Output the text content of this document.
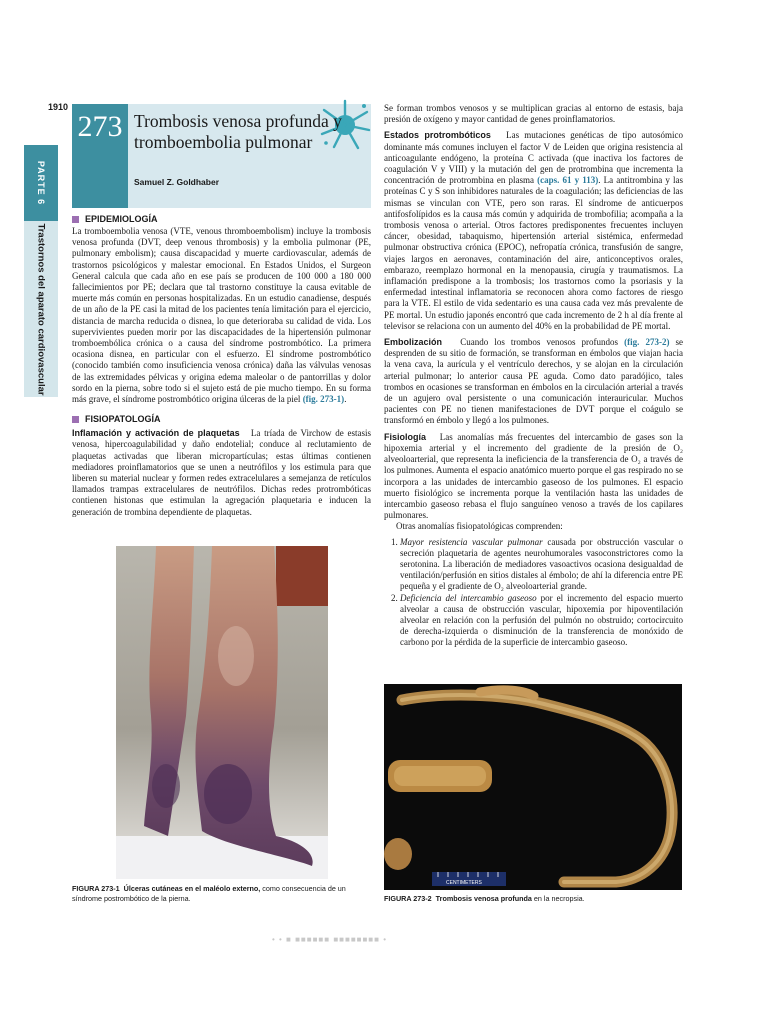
1910
PARTE 6
Trastornos del aparato cardiovascular
273 Trombosis venosa profunda y tromboembolia pulmonar
Samuel Z. Goldhaber
EPIDEMIOLOGÍA

La tromboembolia venosa (VTE, venous thromboembolism) incluye la trombosis venosa profunda (DVT, deep venous thrombosis) y la embolia pulmonar (PE, pulmonary embolism); causa discapacidad y muerte cardiovascular, además de trastornos psicológicos y malestar emocional. En Estados Unidos, el Surgeon General calcula que cada año en ese país se producen de 100 000 a 180 000 fallecimientos por PE; declara que tal trastorno constituye la causa evitable de muerte más común en personas hospitalizadas. En un estudio canadiense, después de un año de la PE casi la mitad de los pacientes tenía limitación para el ejercicio, distancia de marcha reducida o disnea, lo que deterioraba su calidad de vida. Los supervivientes pueden morir por las discapacidades de la hipertensión pulmonar tromboembólica crónica o a causa del síndrome postrombótico. La primera ocasiona disnea, en particular con el esfuerzo. El síndrome postrombótico (conocido también como insuficiencia venosa crónica) daña las válvulas venosas de las extremidades pélvicas y origina edema maleolar o de pantorrillas y dolor sordo en la pierna, sobre todo si el sujeto está de pie mucho tiempo. En su forma más grave, el síndrome postrombótico origina úlceras de la piel (fig. 273-1).

FISIOPATOLOGÍA

Inflamación y activación de plaquetas La tríada de Virchow de estasis venosa, hipercoagulabilidad y daño endotelial; conduce al reclutamiento de plaquetas activadas que liberan micropartículas; estas últimas contienen mediadores proinflamatorios que se unen a neutrófilos y los estimula para que liberen su material nuclear y formen redes extracelulares a semejanza de retículos llamados trampas extracelulares de neutrófilos. Dichas redes protrombóticas contienen histonas que estimulan la agregación plaquetaria e inducen la generación de trombina dependiente de plaquetas.

FIGURA 273-1 Úlceras cutáneas en el maléolo externo, como consecuencia de un síndrome postrombótico de la pierna.

Se forman trombos venosos y se multiplican gracias al entorno de estasis, baja presión de oxígeno y mayor cantidad de genes proinflamatorios.

Estados protrombóticos Las mutaciones genéticas de tipo autosómico dominante más comunes incluyen el factor V de Leiden que origina resistencia al anticoagulante endógeno, la proteína C activada (que inactiva los factores de coagulación V y VIII) y la mutación del gen de protrombina que incrementa la concentración de protrombina en plasma (caps. 61 y 113). La antitrombina y las proteínas C y S son inhibidores naturales de la coagulación; las deficiencias de las mismas se vinculan con VTE, pero son raras. El síndrome de anticuerpos antifosfolípidos es la causa más común y adquirida de trombofilia; acompaña a la trombosis venosa o arterial. Otros factores predisponentes frecuentes incluyen cáncer, obesidad, tabaquismo, hipertensión arterial sistémica, enfermedad pulmonar obstructiva crónica (EPOC), nefropatía crónica, transfusión de sangre, viajes largos en aeronaves, contaminación del aire, anticonceptivos orales, embarazo, reemplazo hormonal en la menopausia, cirugía y traumatismos. La inflamación predispone a la trombosis; los trastornos como la psoriasis y la enfermedad intestinal inflamatoria se reconocen ahora como factores de riesgo para la VTE. El estilo de vida sedentario es una causa cada vez más prevalente de PE mortal. Un estudio japonés encontró que cada incremento de 2 h al día frente al televisor se relaciona con un aumento del 40% en la probabilidad de PE mortal.

Embolización Cuando los trombos venosos profundos (fig. 273-2) se desprenden de su sitio de formación, se transforman en émbolos que viajan hacia la vena cava, la aurícula y el ventrículo derechos, y se alojan en la circulación arterial pulmonar; lo anterior causa PE aguda. Como dato paradójico, tales trombos en ocasiones se transforman en émbolos en la circulación arterial a través de un agujero oval persistente o una comunicación interauricular. Muchos pacientes con PE no tienen manifestaciones de DVT porque el coágulo se transformó en émbolo y llegó a los pulmones.

Fisiología Las anomalías más frecuentes del intercambio de gases son la hipoxemia arterial y el incremento del gradiente de la presión de O₂ alveoloarterial, que representa la ineficiencia de la transferencia de O₂ a través de los pulmones. Aumenta el espacio anatómico muerto porque el gas respirado no se incorpora a las unidades de intercambio gaseoso de los pulmones. El espacio muerto fisiológico se incrementa porque la ventilación hasta las unidades de intercambio gaseoso rebasa el flujo sanguíneo venoso a través de los capilares pulmonares.

Otras anomalías fisiopatológicas comprenden:

1. Mayor resistencia vascular pulmonar causada por obstrucción vascular o secreción plaquetaria de agentes neurohumorales vasoconstrictores como la serotonina. La liberación de mediadores vasoactivos ocasiona desigualdad de ventilación/perfusión en sitios distales al émbolo; de ahí la diferencia entre PE pequeña y el gradiente de O₂ alveoloarterial grande.
2. Deficiencia del intercambio gaseoso por el incremento del espacio muerto alveolar a causa de obstrucción vascular, hipoxemia por hipoventilación alveolar en relación con la perfusión del pulmón no obstruido; cortocircuito de derecha-izquierda o disminución de la transferencia de monóxido de carbono por la pérdida de la superficie de intercambio gaseoso.
CENTIMETERS
FIGURA 273-2 Trombosis venosa profunda en la necropsia.
• • ■ ■■■■■■ ■■■■■■■■ •
